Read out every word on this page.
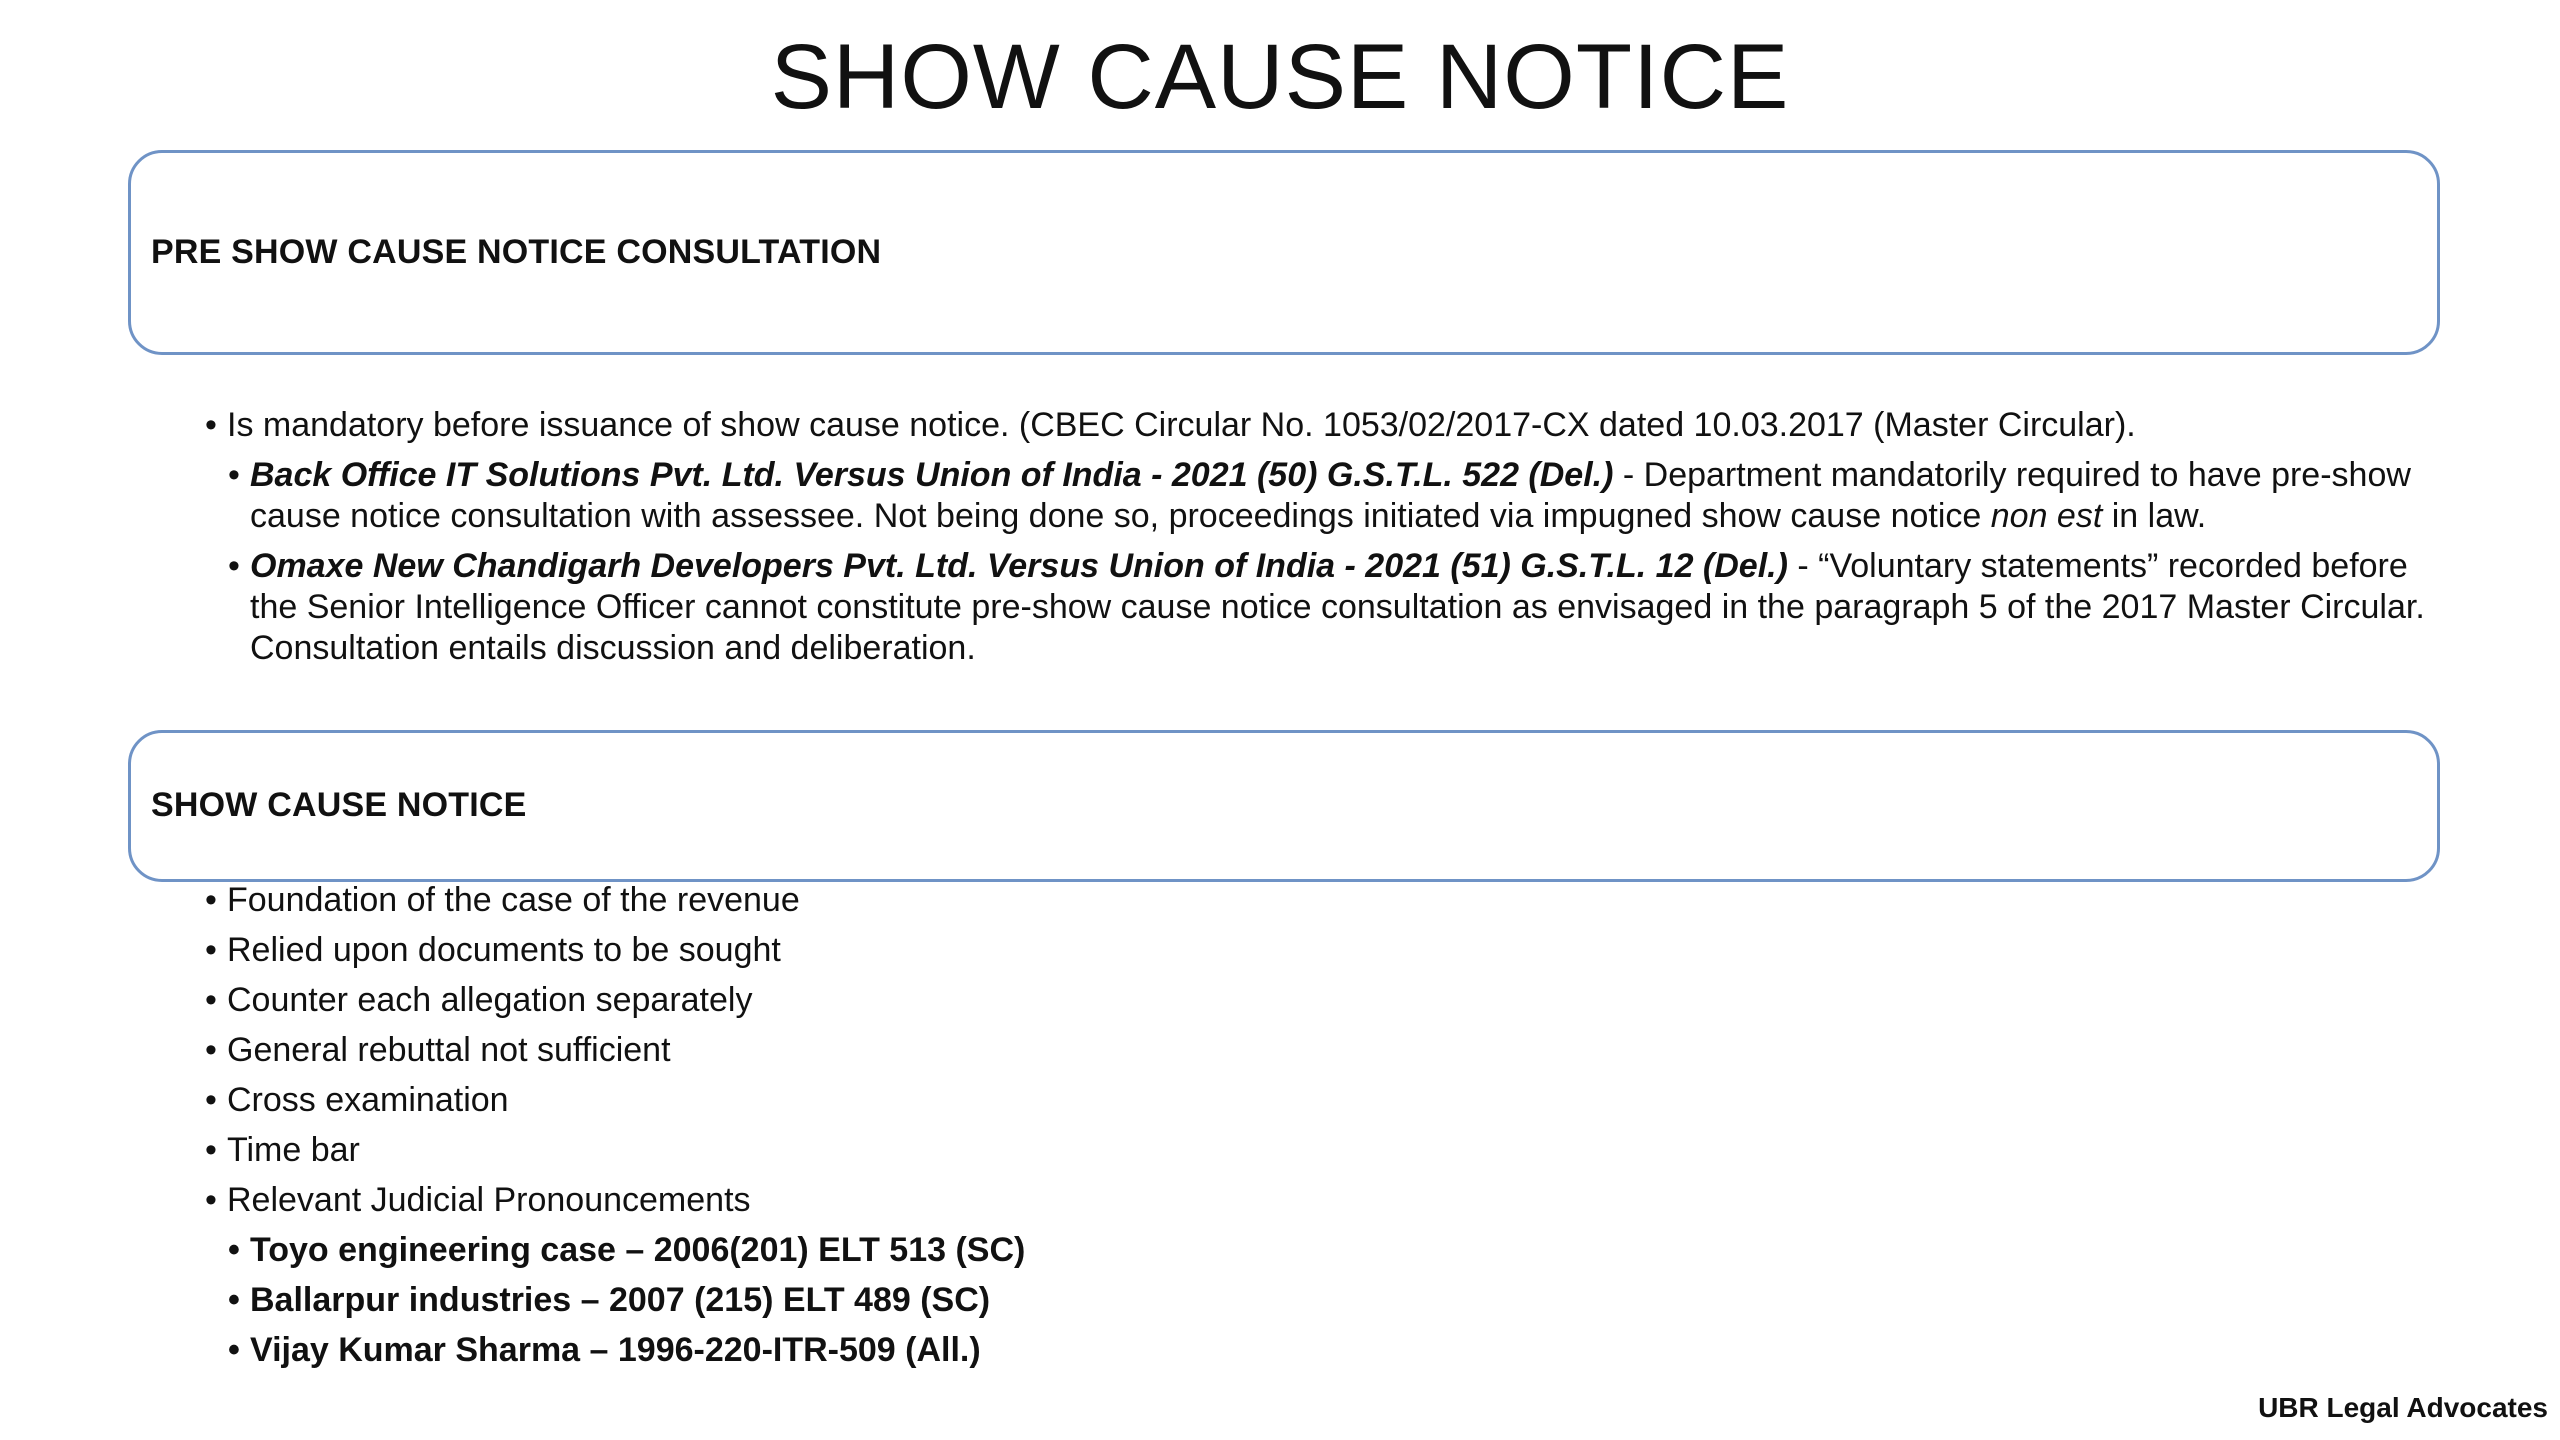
SHOW CAUSE NOTICE
PRE SHOW CAUSE NOTICE CONSULTATION
• Is mandatory before issuance of show cause notice. (CBEC Circular No. 1053/02/2017-CX dated 10.03.2017 (Master Circular).
• Back Office IT Solutions Pvt. Ltd. Versus Union of India - 2021 (50) G.S.T.L. 522 (Del.) - Department mandatorily required to have pre-show cause notice consultation with assessee. Not being done so, proceedings initiated via impugned show cause notice non est in law.
• Omaxe New Chandigarh Developers Pvt. Ltd. Versus Union of India - 2021 (51) G.S.T.L. 12 (Del.) - “Voluntary statements” recorded before the Senior Intelligence Officer cannot constitute pre-show cause notice consultation as envisaged in the paragraph 5 of the 2017 Master Circular. Consultation entails discussion and deliberation.
SHOW CAUSE NOTICE
• Foundation of the case of the revenue
• Relied upon documents to be sought
• Counter each allegation separately
• General rebuttal not sufficient
• Cross examination
• Time bar
• Relevant Judicial Pronouncements
• Toyo engineering case – 2006(201) ELT 513 (SC)
• Ballarpur industries – 2007 (215) ELT 489 (SC)
• Vijay Kumar Sharma – 1996-220-ITR-509 (All.)
UBR Legal Advocates
